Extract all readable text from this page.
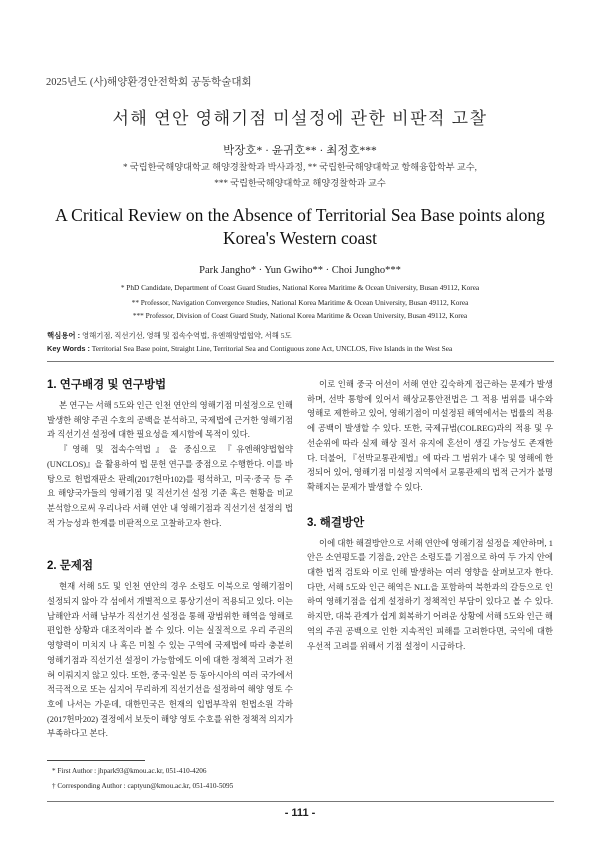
2025년도 (사)해양환경안전학회 공동학술대회
서해 연안 영해기점 미설정에 관한 비판적 고찰
박장호* · 윤귀호** · 최정호***
* 국립한국해양대학교 해양경찰학과 박사과정, ** 국립한국해양대학교 항해융합학부 교수,
*** 국립한국해양대학교 해양경찰학과 교수
A Critical Review on the Absence of Territorial Sea Base points along
Korea's Western coast
Park Jangho* · Yun Gwiho** · Choi Jungho***
* PhD Candidate, Department of Coast Guard Studies, National Korea Maritime & Ocean University, Busan 49112, Korea
** Professor, Navigation Convergence Studies, National Korea Maritime & Ocean University, Busan 49112, Korea
*** Professor, Division of Coast Guard Study, National Korea Maritime & Ocean University, Busan 49112, Korea
핵심용어 : 영해기점, 직선기선, 영해 및 접속수역법, 유엔해양법협약, 서해 5도
Key Words : Territorial Sea Base point, Straight Line, Territorial Sea and Contiguous zone Act, UNCLOS, Five Islands in the West Sea
1. 연구배경 및 연구방법

본 연구는 서해 5도와 인근 인천 연안의 영해기점 미설정으로 인해 발생한 해양 주권 수호의 공백을 분석하고, 국제법에 근거한 영해기점과 직선기선 설정에 대한 필요성을 제시함에 목적이 있다.

『영해 및 접속수역법』을 중심으로 『유엔해양법협약(UNCLOS)』을 활용하여 법 문헌 연구를 중점으로 수행한다. 이를 바탕으로 헌법재판소 판례(2017헌마102)를 평석하고, 미국·중국 등 주요 해양국가들의 영해기점 및 직선기선 설정 기준 혹은 현황을 비교 분석함으로써 우리나라 서해 연안 내 영해기점과 직선기선 설정의 법적 가능성과 한계를 비판적으로 고찰하고자 한다.

2. 문제점

현재 서해 5도 및 인천 연안의 경우 소령도 이북으로 영해기점이 설정되지 않아 각 섬에서 개별적으로 통상기선이 적용되고 있다. 이는 남해안과 서해 남부가 직선기선 설정을 통해 광범위한 해역을 영해로 편입한 상황과 대조적이라 볼 수 있다. 이는 실질적으로 우리 주권의 영향력이 미치지 나 혹은 미칠 수 있는 구역에 국제법에 따라 충분히 영해기점과 직선기선 설정이 가능함에도 이에 대한 정책적 고려가 전혀 이뤄지지 않고 있다. 또한, 중국·일본 등 동아시아의 여러 국가에서 적극적으로 또는 심지어 무리하게 직선기선을 설정하여 해양 영토 수호에 나서는 가운데, 대한민국은 헌재의 입법부작위 헌법소원 각하(2017헌마202) 결정에서 보듯이 해양 영토 수호를 위한 정책적 의지가 부족하다고 본다.

이로 인해 중국 어선이 서해 연안 깊숙하게 접근하는 문제가 발생하며, 선박 통항에 있어서 해상교통안전법은 그 적용 범위를 내수와 영해로 제한하고 있어, 영해기점이 미설정된 해역에서는 법률의 적용에 공백이 발생할 수 있다. 또한, 국제규범(COLREG)과의 적용 및 우선순위에 따라 실제 해상 질서 유지에 혼선이 생길 가능성도 존재한다. 더불어, 『선박교통관제법』에 따라 그 범위가 내수 및 영해에 한정되어 있어, 영해기점 미설정 지역에서 교통관제의 법적 근거가 불명확해지는 문제가 발생할 수 있다.

3. 해결방안

이에 대한 해결방안으로 서해 연안에 영해기점 설정을 제안하며, 1안은 소연평도를 기점을, 2안은 소령도를 기점으로 하여 두 가지 안에 대한 법적 검토와 이로 인해 발생하는 여러 영향을 살펴보고자 한다. 다만, 서해 5도와 인근 해역은 NLL을 포함하여 북한과의 갈등으로 인하여 영해기점을 쉽게 설정하기 정책적인 부담이 있다고 볼 수 있다. 하지만, 대북 관계가 쉽게 회복하기 어려운 상황에 서해 5도와 인근 해역의 주권 공백으로 인한 지속적인 피해를 고려한다면, 국익에 대한 우선적 고려를 위해서 기점 설정이 시급하다.

* First Author : jhpark93@kmou.ac.kr, 051-410-4206
† Corresponding Author : captyun@kmou.ac.kr, 051-410-5095
- 111 -
